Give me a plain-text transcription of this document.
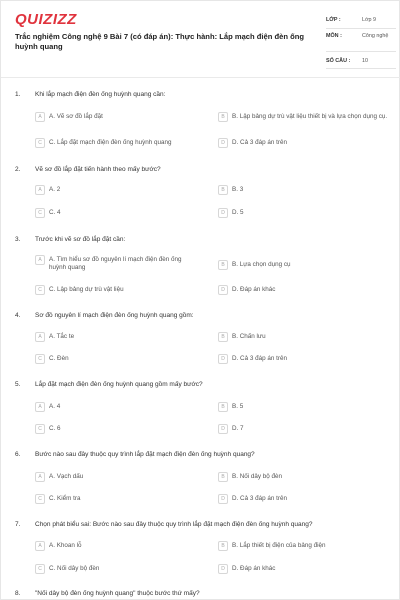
QUIZIZZ
Trắc nghiệm Công nghệ 9 Bài 7 (có đáp án): Thực hành: Lắp mạch điện đèn ống huỳnh quang
LỚP :	Lớp 9
MÔN :	Công nghệ
SỐ CÂU : 10
1. Khi lắp mạch điện đèn ống huỳnh quang cần:
A	A. Vẽ sơ đồ lắp đặt	B	B. Lập bảng dự trù vật liệu thiết bị và lựa chọn dụng cụ.
C	C. Lắp đặt mạch điện đèn ống huỳnh quang	D	D. Cả 3 đáp án trên
2. Vẽ sơ đồ lắp đặt tiến hành theo mấy bước?
A	A. 2	B	B. 3
C	C. 4	D	D. 5
3. Trước khi vẽ sơ đồ lắp đặt cần:
A	A. Tìm hiểu sơ đồ nguyên lí mạch điện đèn ống huỳnh quang	B	B. Lựa chọn dụng cụ
C	C. Lập bảng dự trù vật liệu	D	D. Đáp án khác
4. Sơ đồ nguyên lí mạch điện đèn ống huỳnh quang gồm:
A	A. Tắc te	B	B. Chấn lưu
C	C. Đèn	D	D. Cả 3 đáp án trên
5. Lắp đặt mạch điện đèn ống huỳnh quang gồm mấy bước?
A	A. 4	B	B. 5
C	C. 6	D	D. 7
6. Bước nào sau đây thuộc quy trình lắp đặt mạch điện đèn ống huỳnh quang?
A	A. Vạch dấu	B	B. Nối dây bộ đèn
C	C. Kiểm tra	D	D. Cả 3 đáp án trên
7. Chọn phát biểu sai: Bước nào sau đây thuộc quy trình lắp đặt mạch điện đèn ống huỳnh quang?
A	A. Khoan lỗ	B	B. Lắp thiết bị điện của bảng điện
C	C. Nối dây bộ đèn	D	D. Đáp án khác
8. "Nối dây bộ đèn ống huỳnh quang" thuộc bước thứ mấy?
